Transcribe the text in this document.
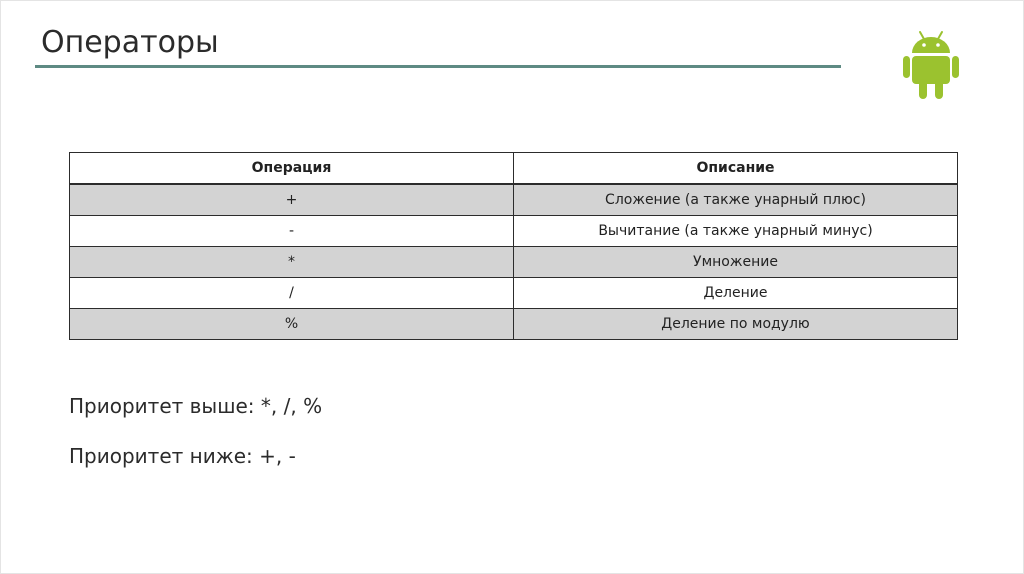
Операторы
Операция	Описание
+	Сложение (а также унарный плюс)
-	Вычитание (а также унарный минус)
*	Умножение
/	Деление
%	Деление по модулю
Приоритет выше: *, /, %
Приоритет ниже: +, -
